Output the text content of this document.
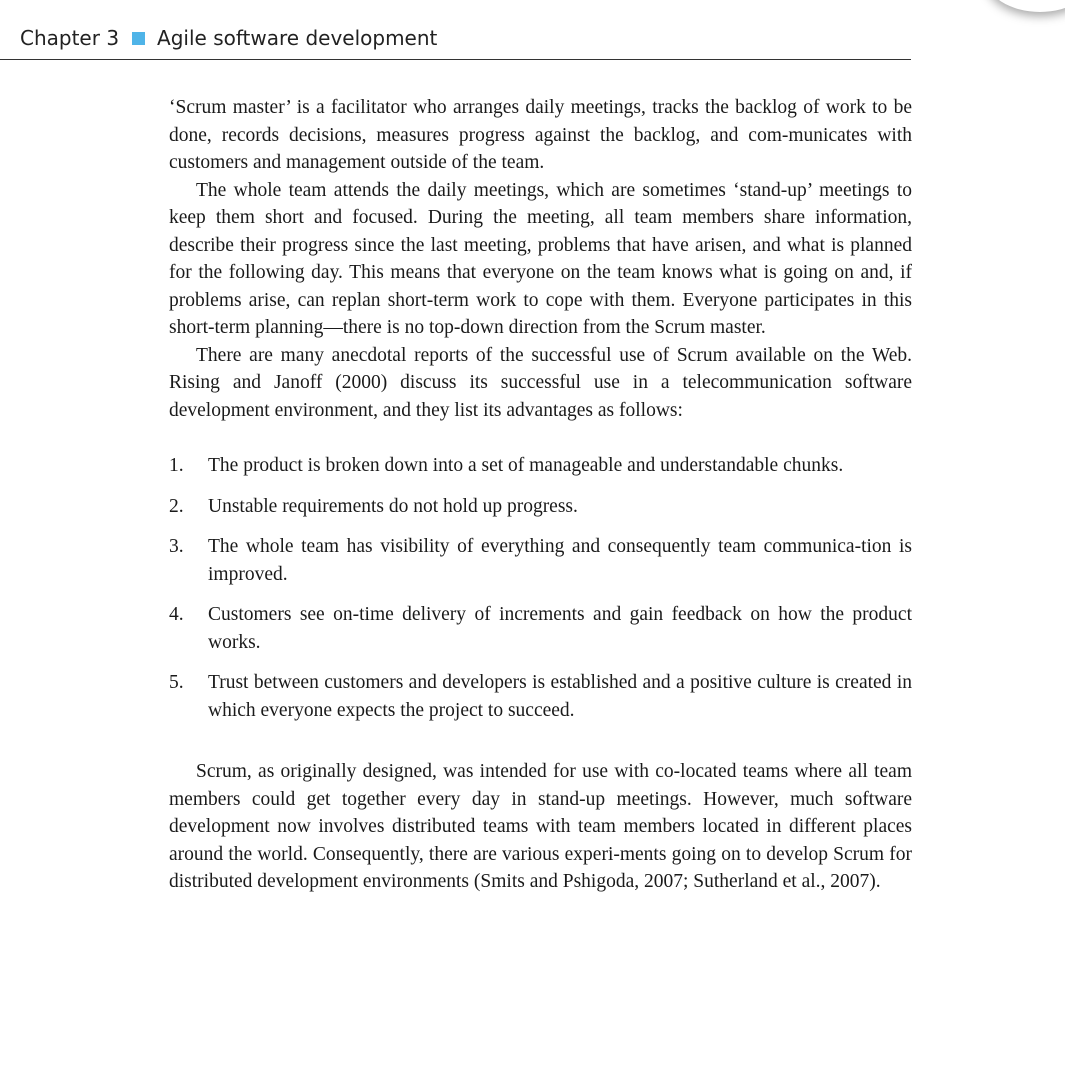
Chapter 3 Agile software development

‘Scrum master’ is a facilitator who arranges daily meetings, tracks the backlog of work to be done, records decisions, measures progress against the backlog, and com-municates with customers and management outside of the team.

The whole team attends the daily meetings, which are sometimes ‘stand-up’ meetings to keep them short and focused. During the meeting, all team members share information, describe their progress since the last meeting, problems that have arisen, and what is planned for the following day. This means that everyone on the team knows what is going on and, if problems arise, can replan short-term work to cope with them. Everyone participates in this short-term planning—there is no top-down direction from the Scrum master.

There are many anecdotal reports of the successful use of Scrum available on the Web. Rising and Janoff (2000) discuss its successful use in a telecommunication software development environment, and they list its advantages as follows:

1. The product is broken down into a set of manageable and understandable chunks.
2. Unstable requirements do not hold up progress.
3. The whole team has visibility of everything and consequently team communica-tion is improved.
4. Customers see on-time delivery of increments and gain feedback on how the product works.
5. Trust between customers and developers is established and a positive culture is created in which everyone expects the project to succeed.

Scrum, as originally designed, was intended for use with co-located teams where all team members could get together every day in stand-up meetings. However, much software development now involves distributed teams with team members located in different places around the world. Consequently, there are various experi-ments going on to develop Scrum for distributed development environments (Smits and Pshigoda, 2007; Sutherland et al., 2007).
